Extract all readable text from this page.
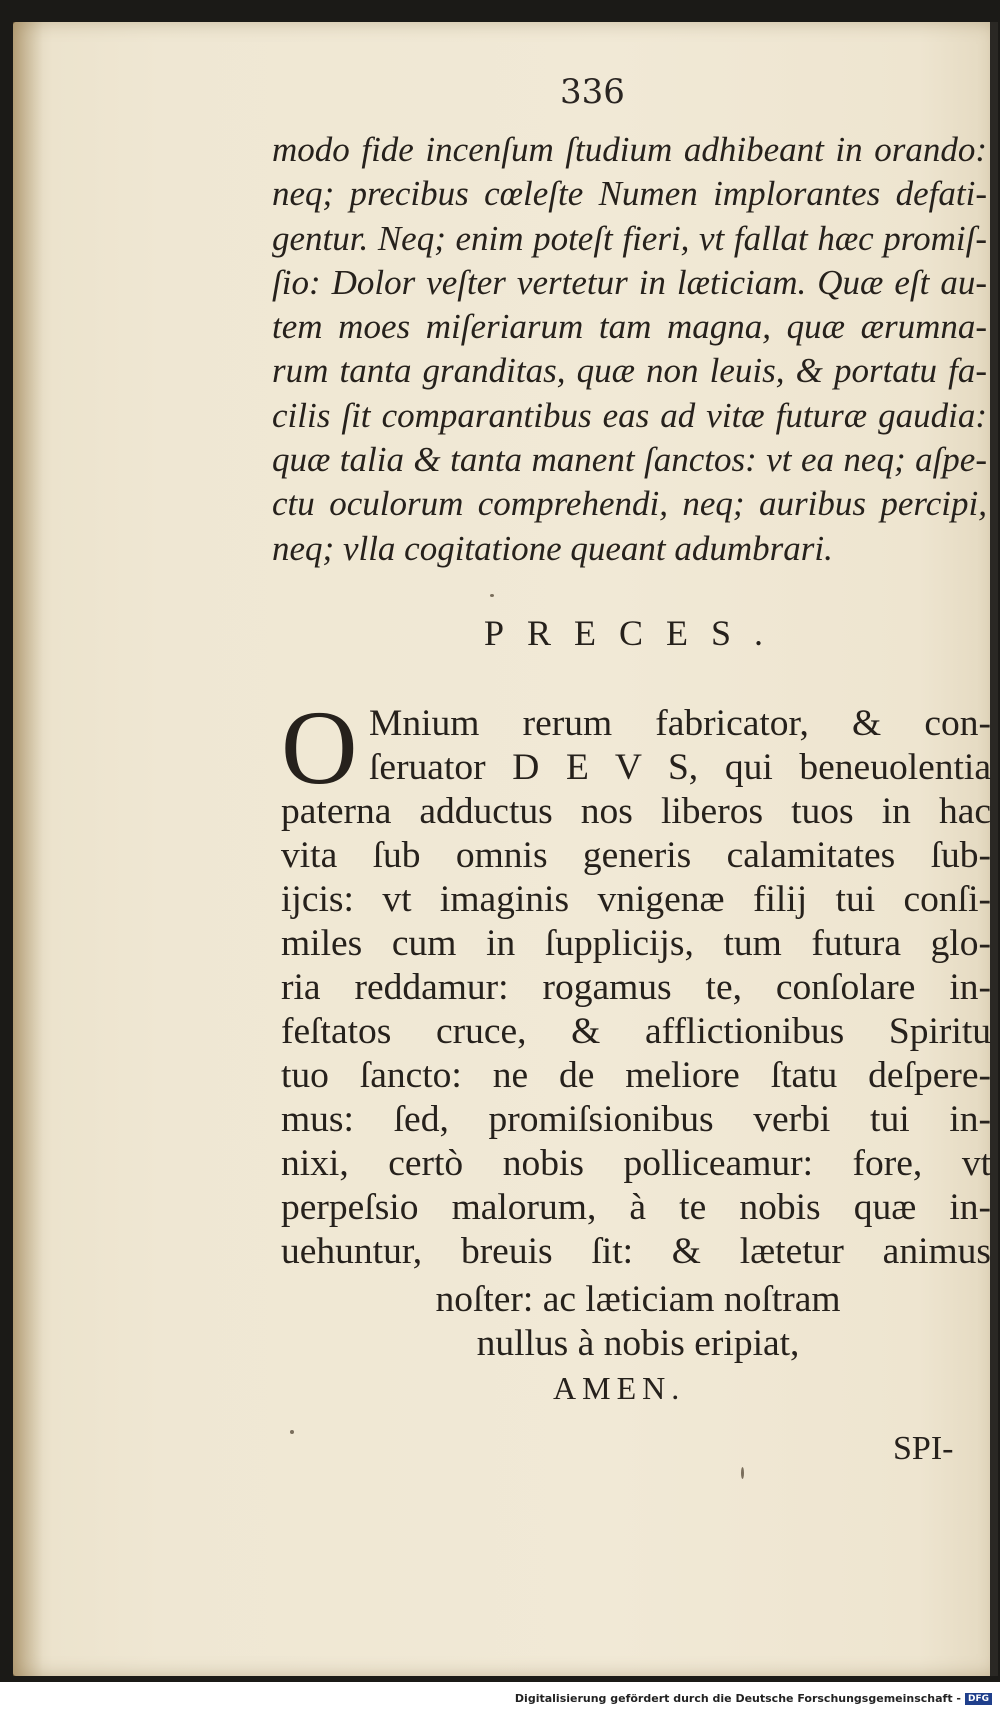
336
modo fide incenſum ſtudium adhibeant in orando:
neq; precibus cœleſte Numen implorantes defati-
gentur. Neq; enim poteſt fieri, vt fallat hæc promiſ-
ſio: Dolor veſter vertetur in læticiam. Quæ eſt au-
tem moes miſeriarum tam magna, quæ ærumna-
rum tanta granditas, quæ non leuis, & portatu fa-
cilis ſit comparantibus eas ad vitæ futuræ gaudia:
quæ talia & tanta manent ſanctos: vt ea neq; aſpe-
ctu oculorum comprehendi, neq; auribus percipi,
neq; vlla cogitatione queant adumbrari.
PRECES.
O Mnium rerum fabricator, & con-
ſeruator D E V S, qui beneuolentia
paterna adductus nos liberos tuos in hac
vita ſub omnis generis calamitates ſub-
ijcis: vt imaginis vnigenæ filij tui conſi-
miles cum in ſupplicijs, tum futura glo-
ria reddamur: rogamus te, conſolare in-
feſtatos cruce, & afflictionibus Spiritu
tuo ſancto: ne de meliore ſtatu deſpere-
mus: ſed, promiſsionibus verbi tui in-
nixi, certò nobis polliceamur: fore, vt
perpeſsio malorum, à te nobis quæ in-
uehuntur, breuis ſit: & lætetur animus
noſter: ac læticiam noſtram
nullus à nobis eripiat,
AMEN.
SPI-
Digitalisierung gefördert durch die Deutsche Forschungsgemeinschaft - DFG
